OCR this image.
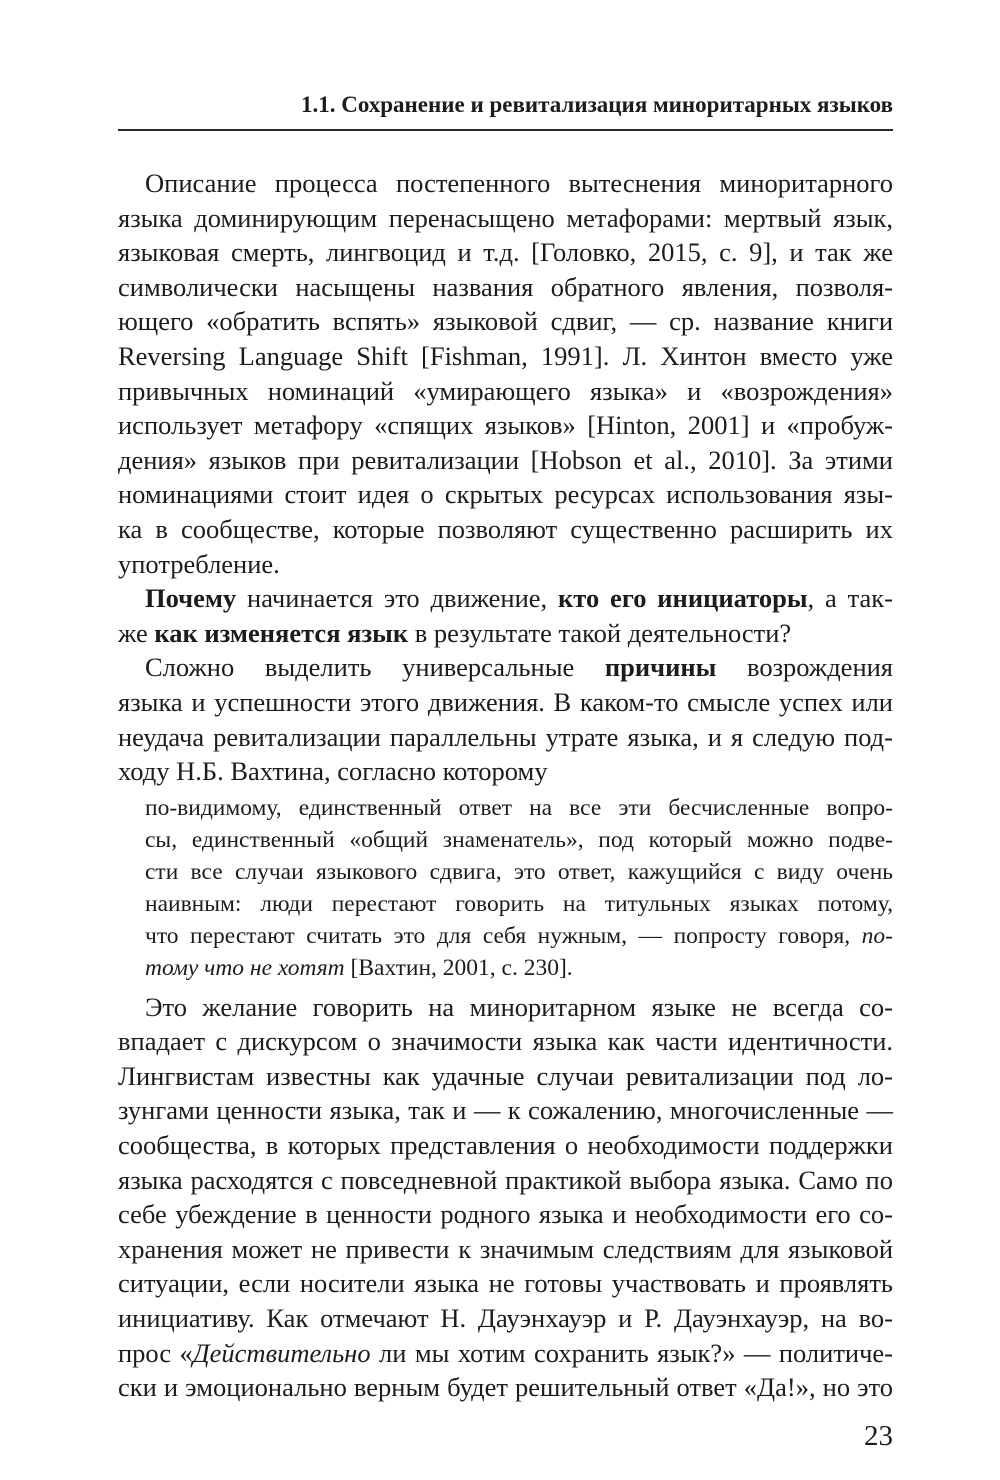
1.1. Сохранение и ревитализация миноритарных языков
Описание процесса постепенного вытеснения миноритарного
языка доминирующим перенасыщено метафорами: мертвый язык,
языковая смерть, лингвоцид и т.д. [Головко, 2015, с. 9], и так же
символически насыщены названия обратного явления, позволя-
ющего «обратить вспять» языковой сдвиг, — ср. название книги
Reversing Language Shift [Fishman, 1991]. Л. Хинтон вместо уже
привычных номинаций «умирающего языка» и «возрождения»
использует метафору «спящих языков» [Hinton, 2001] и «пробуж-
дения» языков при ревитализации [Hobson et al., 2010]. За этими
номинациями стоит идея о скрытых ресурсах использования язы-
ка в сообществе, которые позволяют существенно расширить их
употребление.
Почему начинается это движение, кто его инициаторы, а так-
же как изменяется язык в результате такой деятельности?
Сложно выделить универсальные причины возрождения
языка и успешности этого движения. В каком-то смысле успех или
неудача ревитализации параллельны утрате языка, и я следую под-
ходу Н.Б. Вахтина, согласно которому
по-видимому, единственный ответ на все эти бесчисленные вопро-
сы, единственный «общий знаменатель», под который можно подве-
сти все случаи языкового сдвига, это ответ, кажущийся с виду очень
наивным: люди перестают говорить на титульных языках потому,
что перестают считать это для себя нужным, — попросту говоря, по-
тому что не хотят [Вахтин, 2001, с. 230].
Это желание говорить на миноритарном языке не всегда со-
впадает с дискурсом о значимости языка как части идентичности.
Лингвистам известны как удачные случаи ревитализации под ло-
зунгами ценности языка, так и — к сожалению, многочисленные —
сообщества, в которых представления о необходимости поддержки
языка расходятся с повседневной практикой выбора языка. Само по
себе убеждение в ценности родного языка и необходимости его со-
хранения может не привести к значимым следствиям для языковой
ситуации, если носители языка не готовы участвовать и проявлять
инициативу. Как отмечают Н. Дауэнхауэр и Р. Дауэнхауэр, на во-
прос «Действительно ли мы хотим сохранить язык?» — политиче-
ски и эмоционально верным будет решительный ответ «Да!», но это
23
